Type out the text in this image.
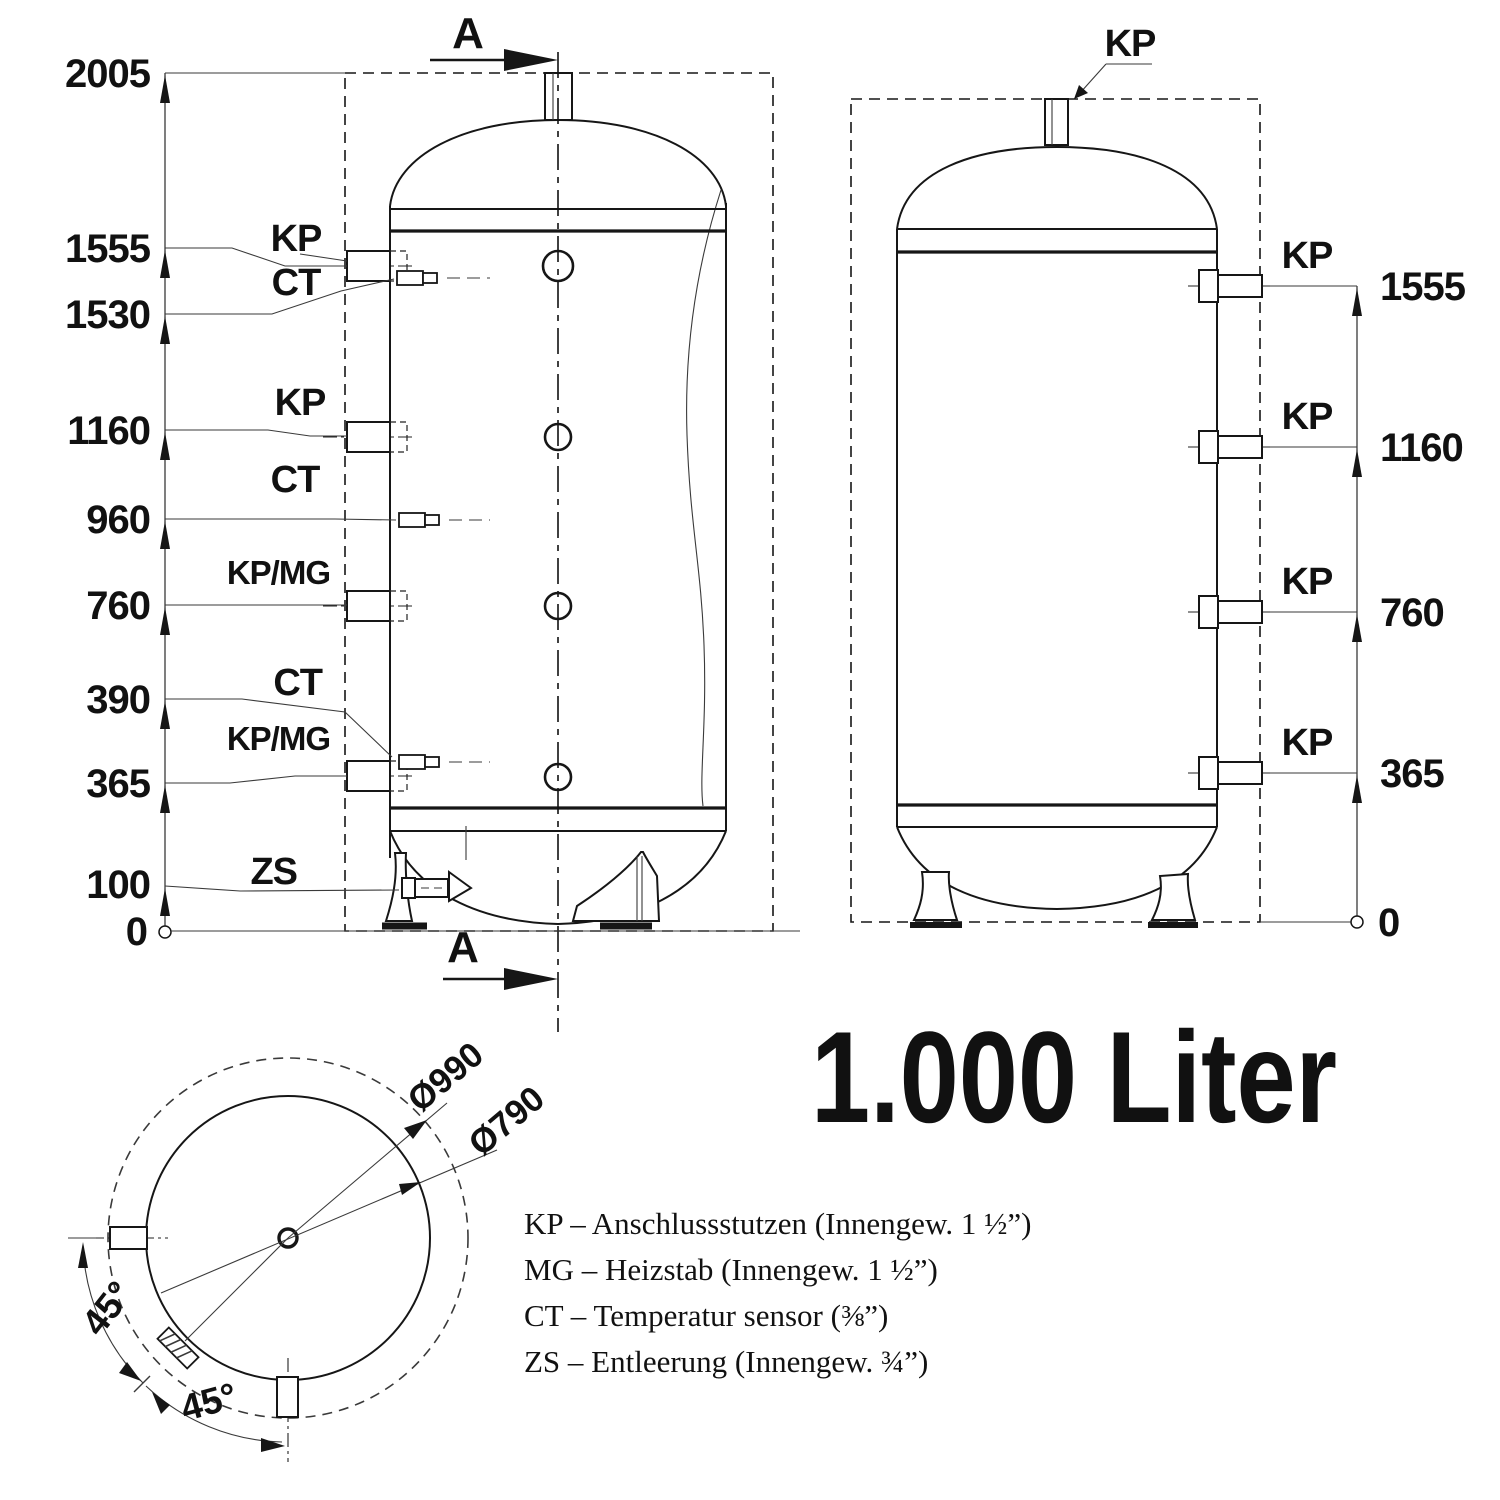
A
A
2005
1555
1530
1160
960
760
390
365
100
0
KP
CT
KP
CT
KP/MG
CT
KP/MG
ZS
KP
KP
KP
KP
KP
1555
1160
760
365
0
Ø990
Ø790
45°
45°
KP – Anschlussstutzen (Innengew. 1 ½”)
MG – Heizstab (Innengew. 1 ½”)
CT – Temperatur sensor (⅜”)
ZS – Entleerung (Innengew. ¾”)
1.000 Liter
